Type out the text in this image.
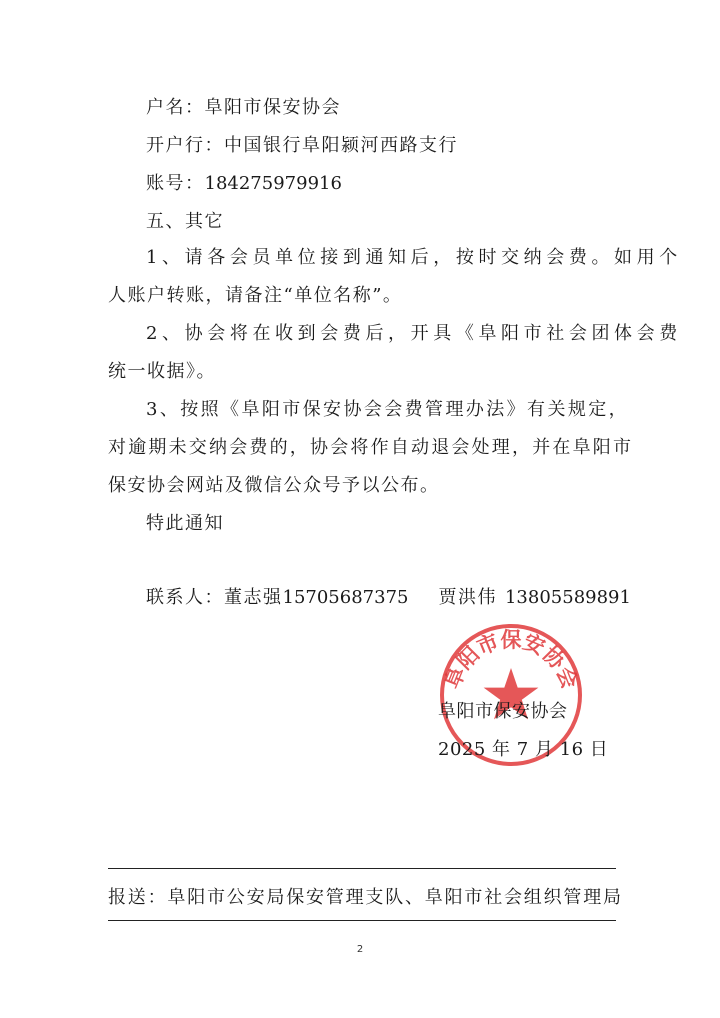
户名：阜阳市保安协会
开户行：中国银行阜阳颍河西路支行
账号：184275979916
五、其它
1、请各会员单位接到通知后，按时交纳会费。如用个
人账户转账，请备注“单位名称”。
2、协会将在收到会费后，开具《阜阳市社会团体会费
统一收据》。
3、按照《阜阳市保安协会会费管理办法》有关规定，
对逾期未交纳会费的，协会将作自动退会处理，并在阜阳市
保安协会网站及微信公众号予以公布。
特此通知
联系人：董志强15705687375 贾洪伟 13805589891
阜阳市保安协会
阜阳市保安协会
2025 年 7 月 16 日
报送：阜阳市公安局保安管理支队、阜阳市社会组织管理局
2
